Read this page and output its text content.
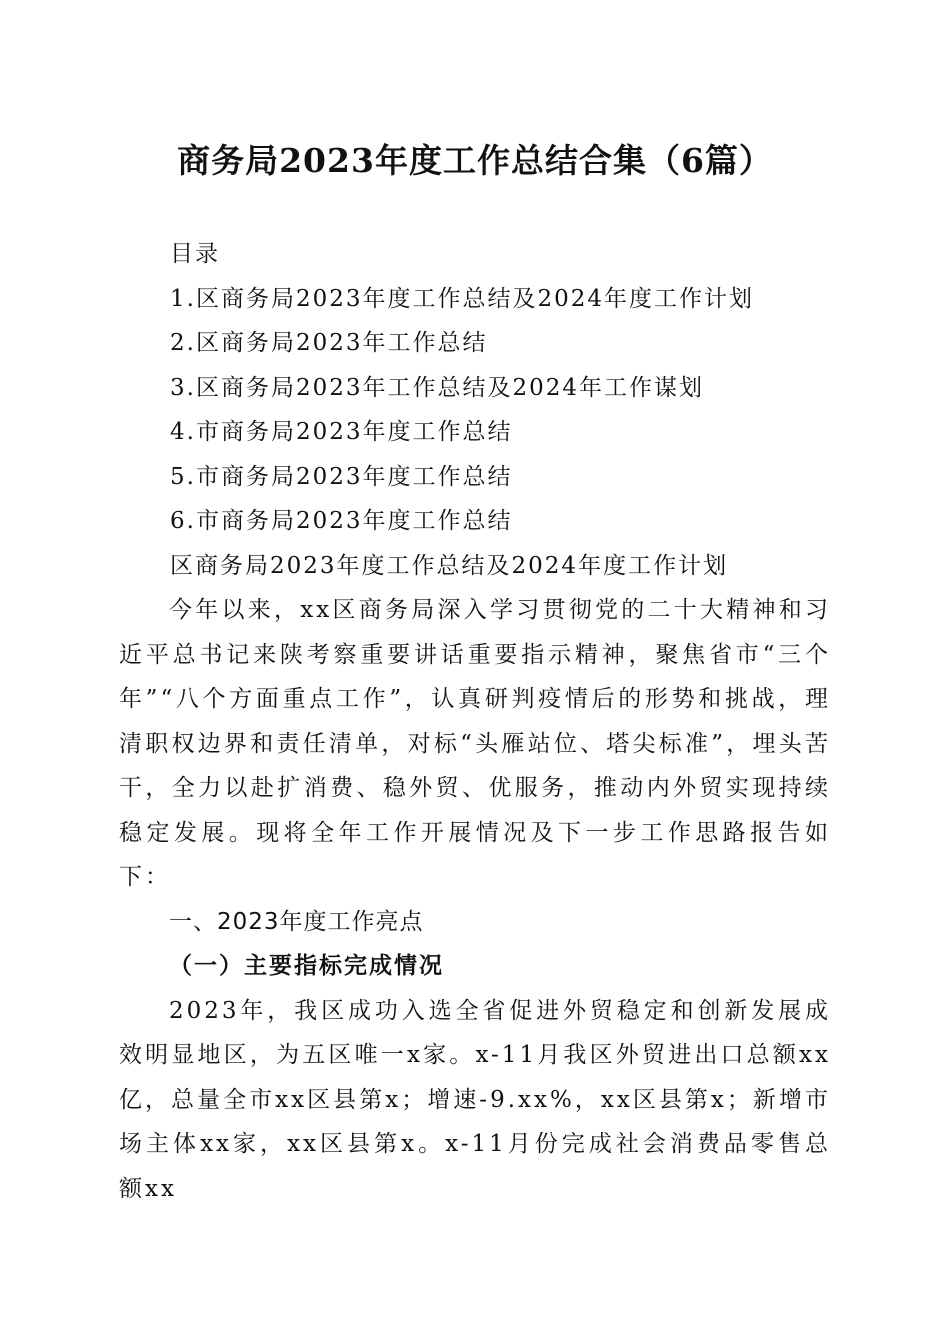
商务局2023年度工作总结合集（6篇）
目录
1.区商务局2023年度工作总结及2024年度工作计划
2.区商务局2023年工作总结
3.区商务局2023年工作总结及2024年工作谋划
4.市商务局2023年度工作总结
5.市商务局2023年度工作总结
6.市商务局2023年度工作总结
区商务局2023年度工作总结及2024年度工作计划

今年以来，xx区商务局深入学习贯彻党的二十大精神和习近平总书记来陕考察重要讲话重要指示精神，聚焦省市“三个年”“八个方面重点工作”，认真研判疫情后的形势和挑战，理清职权边界和责任清单，对标“头雁站位、塔尖标准”，埋头苦干，全力以赴扩消费、稳外贸、优服务，推动内外贸实现持续稳定发展。现将全年工作开展情况及下一步工作思路报告如下：

一、2023年度工作亮点
（一）主要指标完成情况

2023年，我区成功入选全省促进外贸稳定和创新发展成效明显地区，为五区唯一x家。x-11月我区外贸进出口总额xx亿，总量全市xx区县第x；增速-9.xx%，xx区县第x；新增市场主体xx家，xx区县第x。x-11月份完成社会消费品零售总额xx
